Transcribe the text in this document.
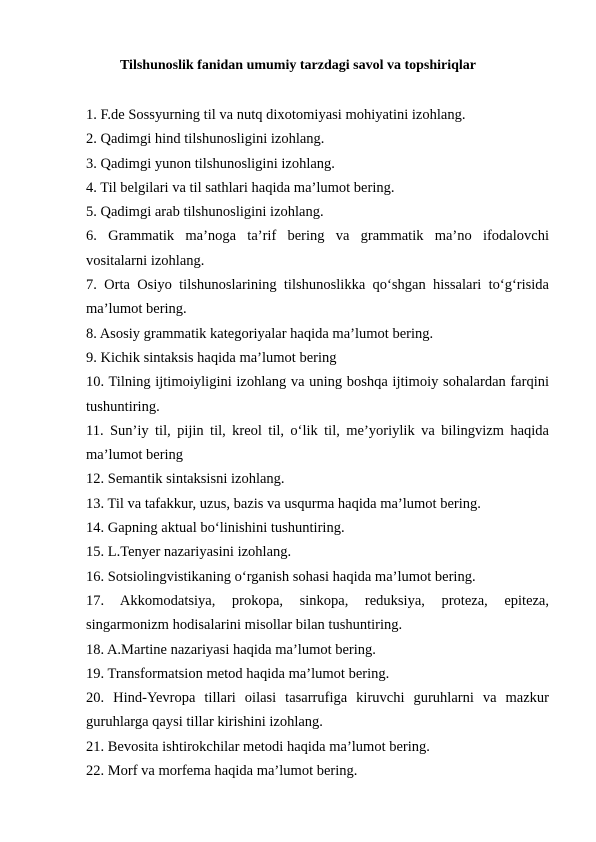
Tilshunoslik fanidan umumiy tarzdagi savol va topshiriqlar
1. F.de Sossyurning til va nutq dixotomiyasi mohiyatini izohlang.
2. Qadimgi hind tilshunosligini izohlang.
3. Qadimgi yunon tilshunosligini izohlang.
4. Til belgilari va til sathlari haqida ma’lumot bering.
5. Qadimgi arab tilshunosligini izohlang.
6. Grammatik ma’noga ta’rif bering va grammatik ma’no ifodalovchi vositalarni izohlang.
7. Orta Osiyo tilshunoslarining tilshunoslikka qo‘shgan hissalari to‘g‘risida ma’lumot bering.
8. Asosiy grammatik kategoriyalar haqida ma’lumot bering.
9. Kichik sintaksis haqida ma’lumot bering
10. Tilning ijtimoiyligini izohlang va uning boshqa ijtimoiy sohalardan farqini tushuntiring.
11. Sun’iy til, pijin til, kreol til, o‘lik til, me’yoriylik va bilingvizm haqida ma’lumot bering
12. Semantik sintaksisni izohlang.
13. Til va tafakkur, uzus, bazis va usqurma haqida ma’lumot bering.
14. Gapning aktual bo‘linishini tushuntiring.
15. L.Tenyer nazariyasini izohlang.
16. Sotsiolingvistikaning o‘rganish sohasi haqida ma’lumot bering.
17. Akkomodatsiya, prokopa, sinkopa, reduksiya, proteza, epiteza, singarmonizm hodisalarini misollar bilan tushuntiring.
18. A.Martine nazariyasi haqida ma’lumot bering.
19. Transformatsion metod haqida ma’lumot bering.
20. Hind-Yevropa tillari oilasi tasarrufiga kiruvchi guruhlarni va mazkur guruhlarga qaysi tillar kirishini izohlang.
21. Bevosita ishtirokchilar metodi haqida ma’lumot bering.
22. Morf va morfema haqida ma’lumot bering.
